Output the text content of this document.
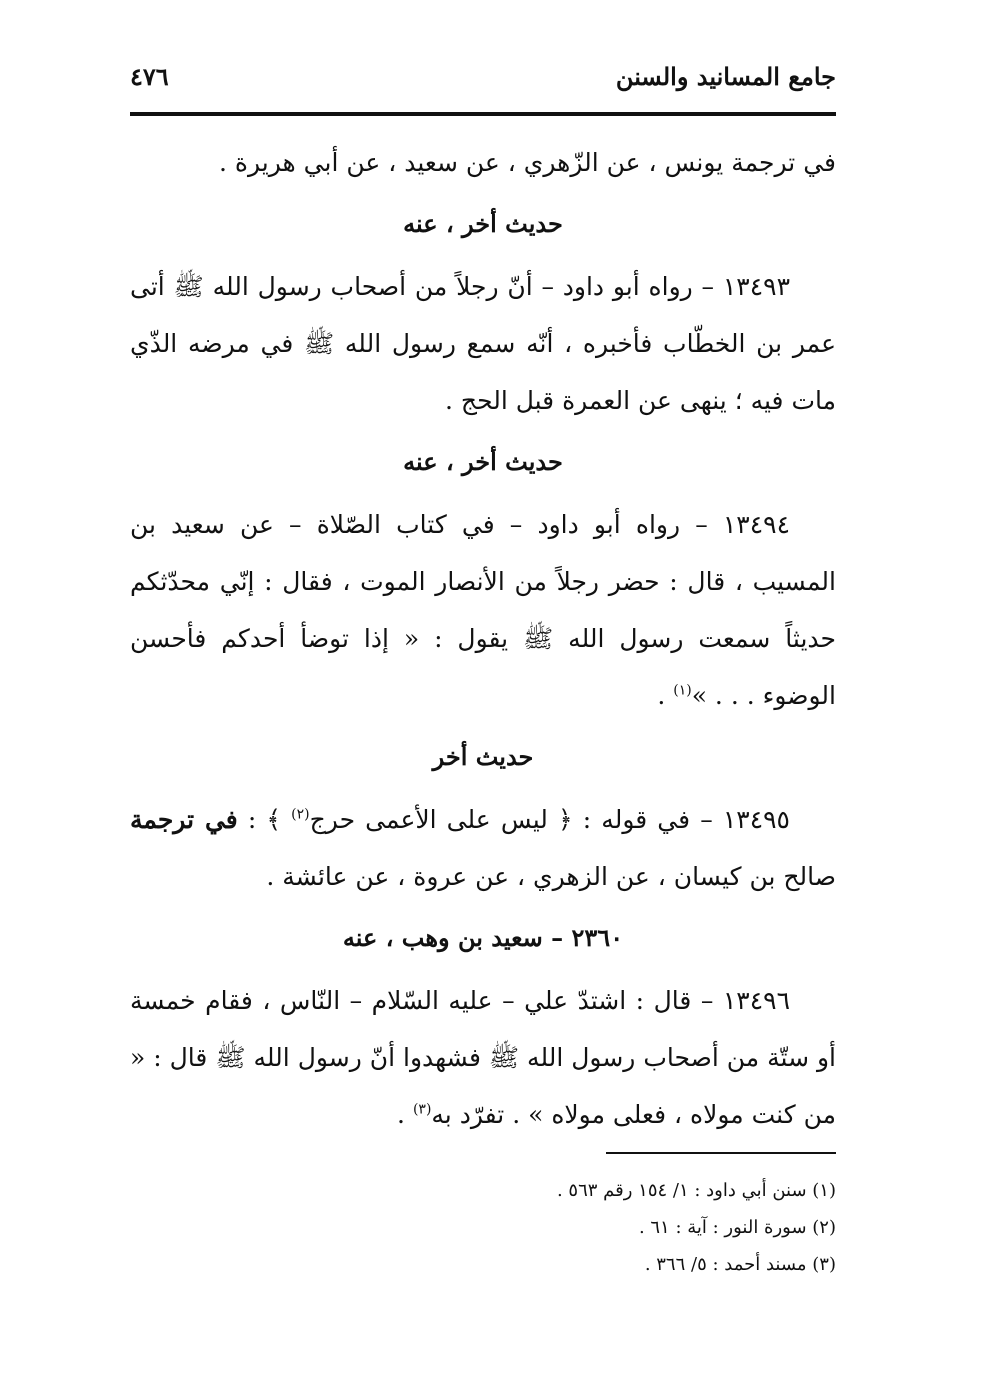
جامع المسانيد والسنن
٤٧٦

في ترجمة يونس ، عن الزّهري ، عن سعيد ، عن أبي هريرة .

حديث أخر ، عنه

١٣٤٩٣ – رواه أبو داود – أنّ رجلاً من أصحاب رسول الله ﷺ أتى عمر بن الخطّاب فأخبره ، أنّه سمع رسول الله ﷺ في مرضه الذّي مات فيه ؛ ينهى عن العمرة قبل الحج .

حديث أخر ، عنه

١٣٤٩٤ – رواه أبو داود – في كتاب الصّلاة – عن سعيد بن المسيب ، قال : حضر رجلاً من الأنصار الموت ، فقال : إنّي محدّثكم حديثاً سمعت رسول الله ﷺ يقول : « إذا توضأ أحدكم فأحسن الوضوء . . . »$^{(١)}$ .

حديث أخر

١٣٤٩٥ – في قوله : ﴿ ليس على الأعمى حرج$^{(٢)}$ ﴾ : في ترجمة صالح بن كيسان ، عن الزهري ، عن عروة ، عن عائشة .

٢٣٦٠ – سعيد بن وهب ، عنه

١٣٤٩٦ – قال : اشتدّ علي – عليه السّلام – النّاس ، فقام خمسة أو ستّة من أصحاب رسول الله ﷺ فشهدوا أنّ رسول الله ﷺ قال : « من كنت مولاه ، فعلى مولاه » . تفرّد به$^{(٣)}$ .

(١) سنن أبي داود : ١/ ١٥٤ رقم ٥٦٣ .
(٢) سورة النور : آية : ٦١ .
(٣) مسند أحمد : ٥/ ٣٦٦ .
